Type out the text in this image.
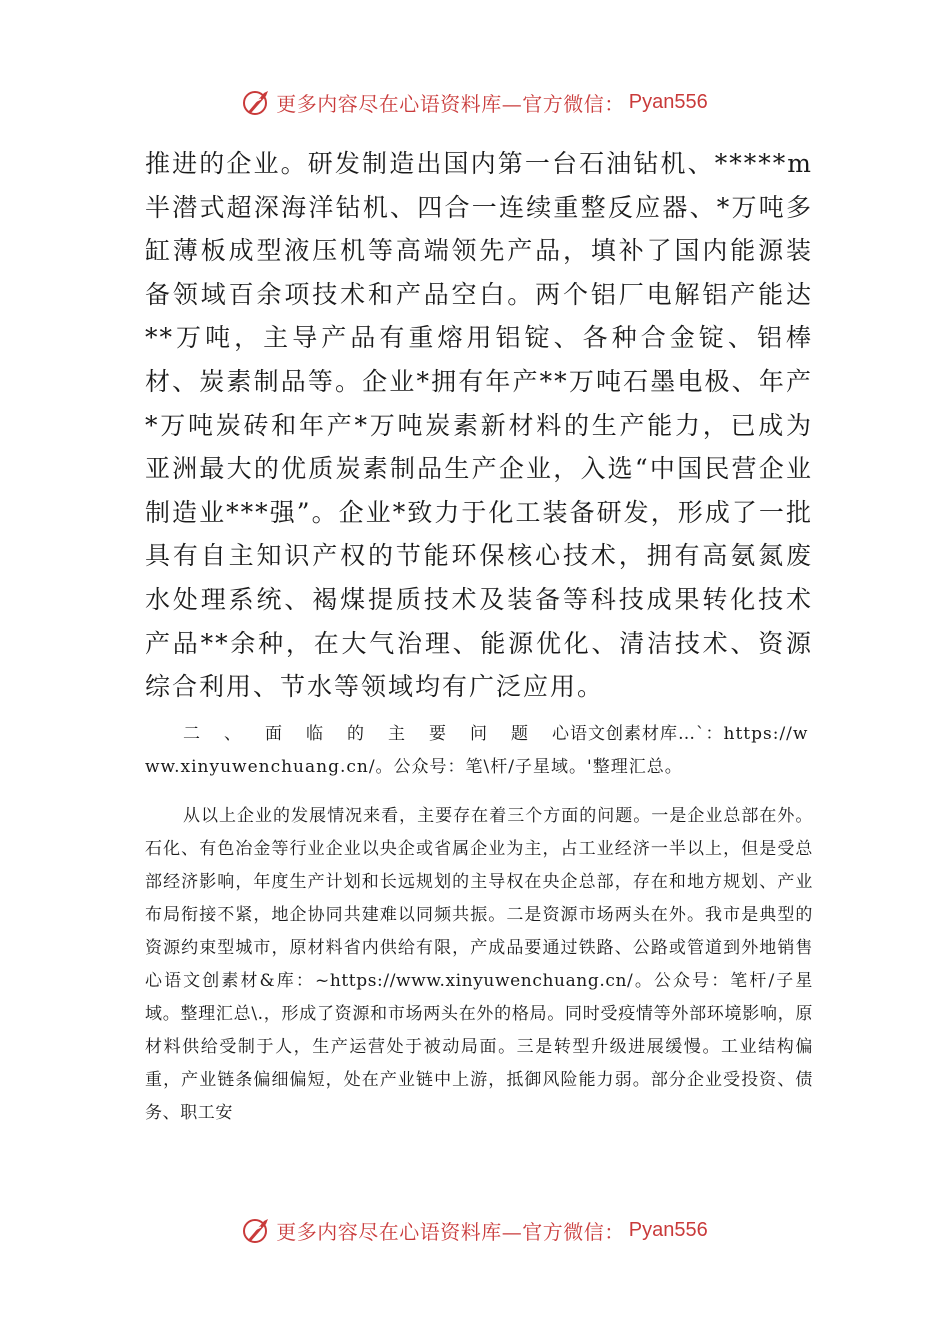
更多内容尽在心语资料库—官方微信： Pyan556

推进的企业。研发制造出国内第一台石油钻机、*****m半潜式超深海洋钻机、四合一连续重整反应器、*万吨多缸薄板成型液压机等高端领先产品，填补了国内能源装备领域百余项技术和产品空白。两个铝厂电解铝产能达**万吨，主导产品有重熔用铝锭、各种合金锭、铝棒材、炭素制品等。企业*拥有年产**万吨石墨电极、年产*万吨炭砖和年产*万吨炭素新材料的生产能力，已成为亚洲最大的优质炭素制品生产企业，入选“中国民营企业制造业***强”。企业*致力于化工装备研发，形成了一批具有自主知识产权的节能环保核心技术，拥有高氨氮废水处理系统、褐煤提质技术及装备等科技成果转化技术产品**余种，在大气治理、能源优化、清洁技术、资源综合利用、节水等领域均有广泛应用。

二、面临的主要问题心语文创素材库…`：https://www.xinyuwenchuang.cn/。公众号：笔\杆/子星域。'整理汇总。

从以上企业的发展情况来看，主要存在着三个方面的问题。一是企业总部在外。石化、有色冶金等行业企业以央企或省属企业为主，占工业经济一半以上，但是受总部经济影响，年度生产计划和长远规划的主导权在央企总部，存在和地方规划、产业布局衔接不紧，地企协同共建难以同频共振。二是资源市场两头在外。我市是典型的资源约束型城市，原材料省内供给有限，产成品要通过铁路、公路或管道到外地销售心语文创素材&库：~https://www.xinyuwenchuang.cn/。公众号：笔杆/子星域。整理汇总\.，形成了资源和市场两头在外的格局。同时受疫情等外部环境影响，原材料供给受制于人，生产运营处于被动局面。三是转型升级进展缓慢。工业结构偏重，产业链条偏细偏短，处在产业链中上游，抵御风险能力弱。部分企业受投资、债务、职工安

更多内容尽在心语资料库—官方微信： Pyan556
